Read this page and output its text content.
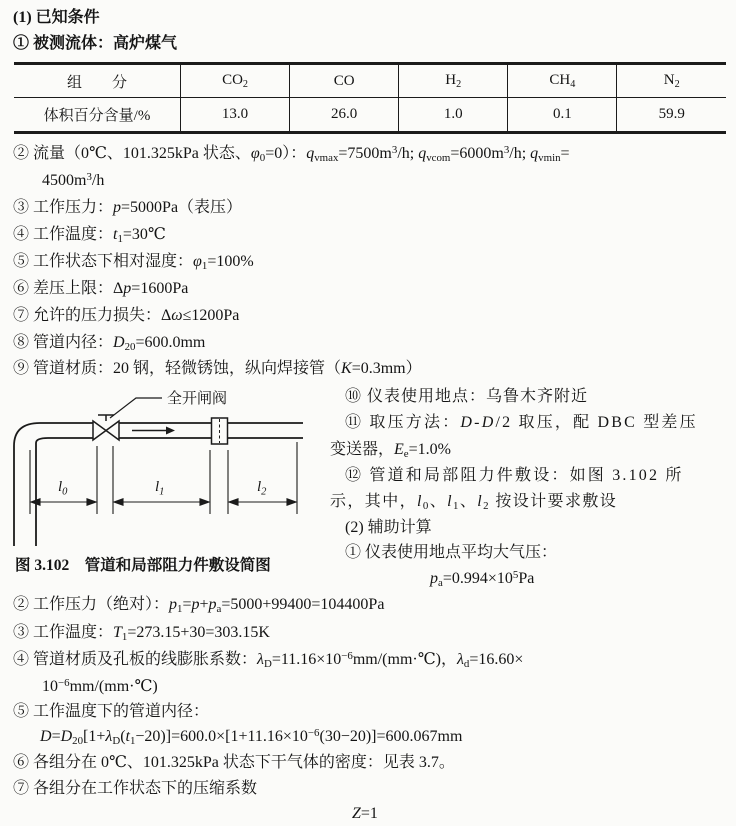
(1) 已知条件
① 被测流体：高炉煤气
组　　分	$CO_2$	CO	$H_2$	$CH_4$	$N_2$
体积百分含量/%	13.0	26.0	1.0	0.1	59.9
② 流量（0℃、101.325kPa 状态、$\varphi_0=0$）：$q_{vmax}=7500m^3/h$; $q_{vcom}=6000m^3/h$; $q_{vmin}=$
$4500m^3/h$
③ 工作压力：p=5000Pa（表压）
④ 工作温度：$t_1=30℃$
⑤ 工作状态下相对湿度：$\varphi_1=100\%$
⑥ 差压上限：Δp=1600Pa
⑦ 允许的压力损失：Δω≤1200Pa
⑧ 管道内径：$D_{20}=600.0mm$
⑨ 管道材质：20 钢，轻微锈蚀，纵向焊接管（K=0.3mm）
全开闸阀
$l_0$	$l_1$	$l_2$
图 3.102　管道和局部阻力件敷设简图
⑩ 仪表使用地点：乌鲁木齐附近
⑪ 取压方法：D-D/2 取压，配 DBC 型差压
变送器，$E_e=1.0\%$
⑫ 管道和局部阻力件敷设：如图 3.102 所
示，其中，$l_0$、$l_1$、$l_2$ 按设计要求敷设
(2) 辅助计算
① 仪表使用地点平均大气压：
$p_a=0.994\times 10^5Pa$
② 工作压力（绝对）：$p_1=p+p_a=5000+99400=104400Pa$
③ 工作温度：$T_1=273.15+30=303.15K$
④ 管道材质及孔板的线膨胀系数：$\lambda_D=11.16\times 10^{-6}mm/(mm\cdot℃)$，$\lambda_d=16.60\times$
$10^{-6}mm/(mm\cdot℃)$
⑤ 工作温度下的管道内径：
$D=D_{20}[1+\lambda_D(t_1-20)]=600.0\times[1+11.16\times 10^{-6}(30-20)]=600.067mm$
⑥ 各组分在 0℃、101.325kPa 状态下干气体的密度：见表 3.7。
⑦ 各组分在工作状态下的压缩系数
Z=1
